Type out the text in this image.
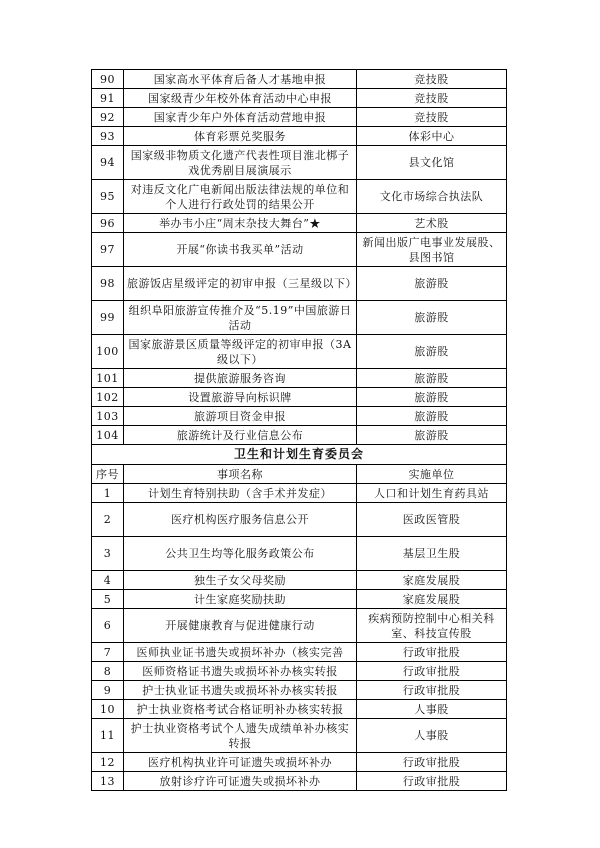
90	国家高水平体育后备人才基地申报	竞技股
91	国家级青少年校外体育活动中心申报	竞技股
92	国家青少年户外体育活动营地申报	竞技股
93	体育彩票兑奖服务	体彩中心
94	国家级非物质文化遗产代表性项目淮北梆子戏优秀剧目展演展示	县文化馆
95	对违反文化广电新闻出版法律法规的单位和个人进行行政处罚的结果公开	文化市场综合执法队
96	举办韦小庄“周末杂技大舞台”★	艺术股
97	开展“你读书我买单”活动	新闻出版广电事业发展股、县图书馆
98	旅游饭店星级评定的初审申报（三星级以下）	旅游股
99	组织阜阳旅游宣传推介及“5.19”中国旅游日活动	旅游股
100	国家旅游景区质量等级评定的初审申报（3A级以下）	旅游股
101	提供旅游服务咨询	旅游股
102	设置旅游导向标识牌	旅游股
103	旅游项目资金申报	旅游股
104	旅游统计及行业信息公布	旅游股
卫生和计划生育委员会		
序号	事项名称	实施单位
1	计划生育特别扶助（含手术并发症）	人口和计划生育药具站
2	医疗机构医疗服务信息公开	医政医管股
3	公共卫生均等化服务政策公布	基层卫生股
4	独生子女父母奖励	家庭发展股
5	计生家庭奖励扶助	家庭发展股
6	开展健康教育与促进健康行动	疾病预防控制中心相关科室、科技宣传股
7	医师执业证书遗失或损坏补办（核实完善	行政审批股
8	医师资格证书遗失或损坏补办核实转报	行政审批股
9	护士执业证书遗失或损坏补办核实转报	行政审批股
10	护士执业资格考试合格证明补办核实转报	人事股
11	护士执业资格考试个人遗失成绩单补办核实转报	人事股
12	医疗机构执业许可证遗失或损坏补办	行政审批股
13	放射诊疗许可证遗失或损坏补办	行政审批股
